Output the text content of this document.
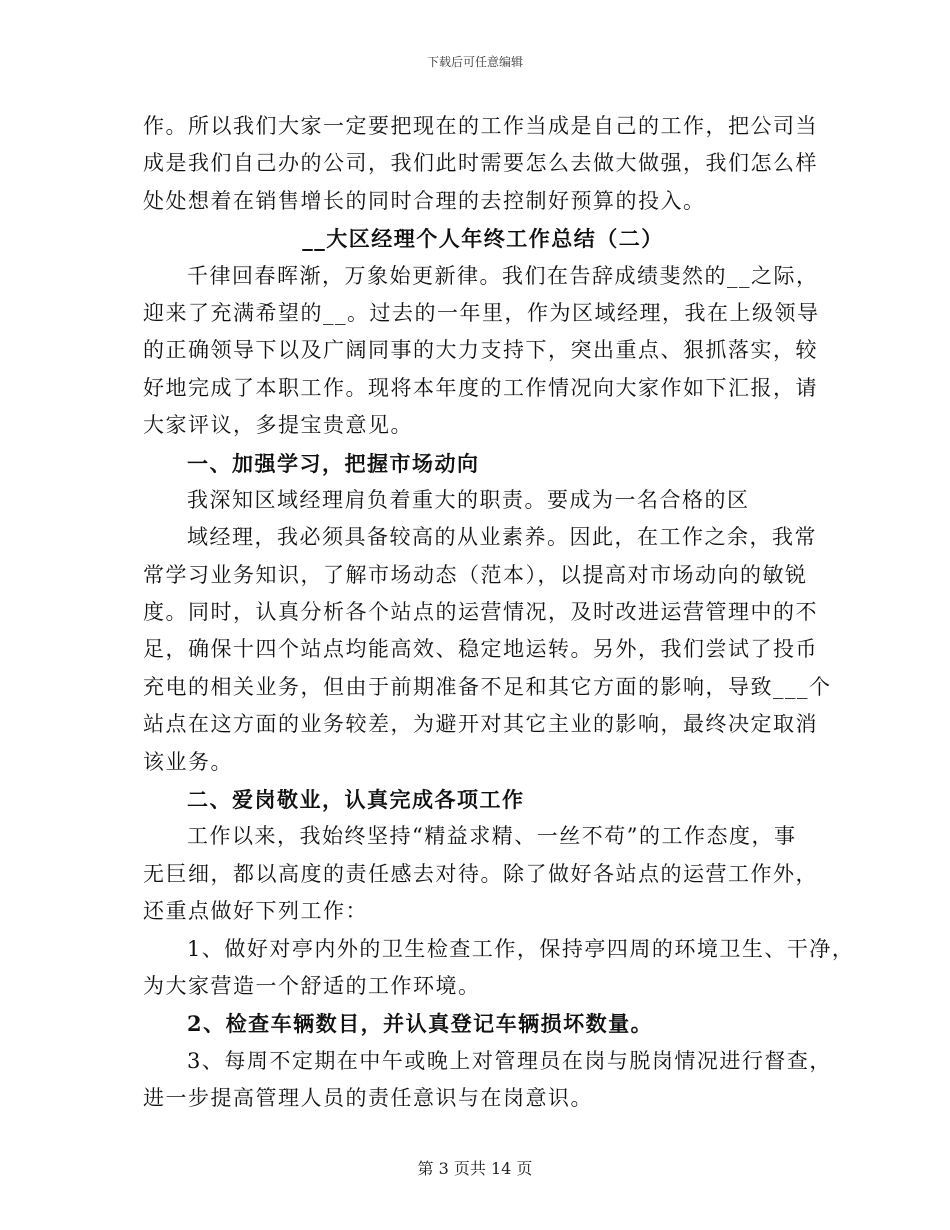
下载后可任意编辑
作。所以我们大家一定要把现在的工作当成是自己的工作，把公司当
成是我们自己办的公司，我们此时需要怎么去做大做强，我们怎么样
处处想着在销售增长的同时合理的去控制好预算的投入。
__大区经理个人年终工作总结（二）
千律回春晖渐，万象始更新律。我们在告辞成绩斐然的__之际，
迎来了充满希望的__。过去的一年里，作为区域经理，我在上级领导
的正确领导下以及广阔同事的大力支持下，突出重点、狠抓落实，较
好地完成了本职工作。现将本年度的工作情况向大家作如下汇报，请
大家评议，多提宝贵意见。
一、加强学习，把握市场动向
我深知区域经理肩负着重大的职责。要成为一名合格的区
域经理，我必须具备较高的从业素养。因此，在工作之余，我常
常学习业务知识，了解市场动态（范本），以提高对市场动向的敏锐
度。同时，认真分析各个站点的运营情况，及时改进运营管理中的不
足，确保十四个站点均能高效、稳定地运转。另外，我们尝试了投币
充电的相关业务，但由于前期准备不足和其它方面的影响，导致___个
站点在这方面的业务较差，为避开对其它主业的影响，最终决定取消
该业务。
二、爱岗敬业，认真完成各项工作
工作以来，我始终坚持“精益求精、一丝不苟”的工作态度，事
无巨细，都以高度的责任感去对待。除了做好各站点的运营工作外，
还重点做好下列工作：
1、做好对亭内外的卫生检查工作，保持亭四周的环境卫生、干净，
为大家营造一个舒适的工作环境。
2、检查车辆数目，并认真登记车辆损坏数量。
3、每周不定期在中午或晚上对管理员在岗与脱岗情况进行督查，
进一步提高管理人员的责任意识与在岗意识。
第 3 页共 14 页
